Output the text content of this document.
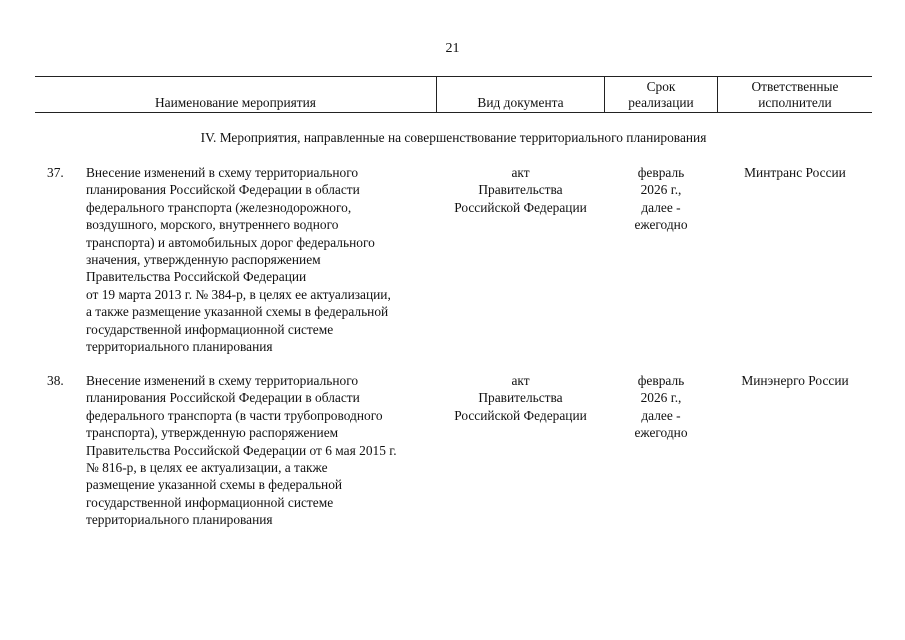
21
Наименование мероприятия	Вид документа
Срок
реализации
Ответственные
исполнители
IV. Мероприятия, направленные на совершенствование территориального планирования
37. Внесение изменений в схему территориального
планирования Российской Федерации в области
федерального транспорта (железнодорожного,
воздушного, морского, внутреннего водного
транспорта) и автомобильных дорог федерального
значения, утвержденную распоряжением
Правительства Российской Федерации
от 19 марта 2013 г. № 384-р, в целях ее актуализации,
а также размещение указанной схемы в федеральной
государственной информационной системе
территориального планирования
акт
Правительства
Российской Федерации
февраль
2026 г.,
далее -
ежегодно
Минтранс России
38. Внесение изменений в схему территориального
планирования Российской Федерации в области
федерального транспорта (в части трубопроводного
транспорта), утвержденную распоряжением
Правительства Российской Федерации от 6 мая 2015 г.
№ 816-р, в целях ее актуализации, а также
размещение указанной схемы в федеральной
государственной информационной системе
территориального планирования
акт
Правительства
Российской Федерации
февраль
2026 г.,
далее -
ежегодно
Минэнерго России
